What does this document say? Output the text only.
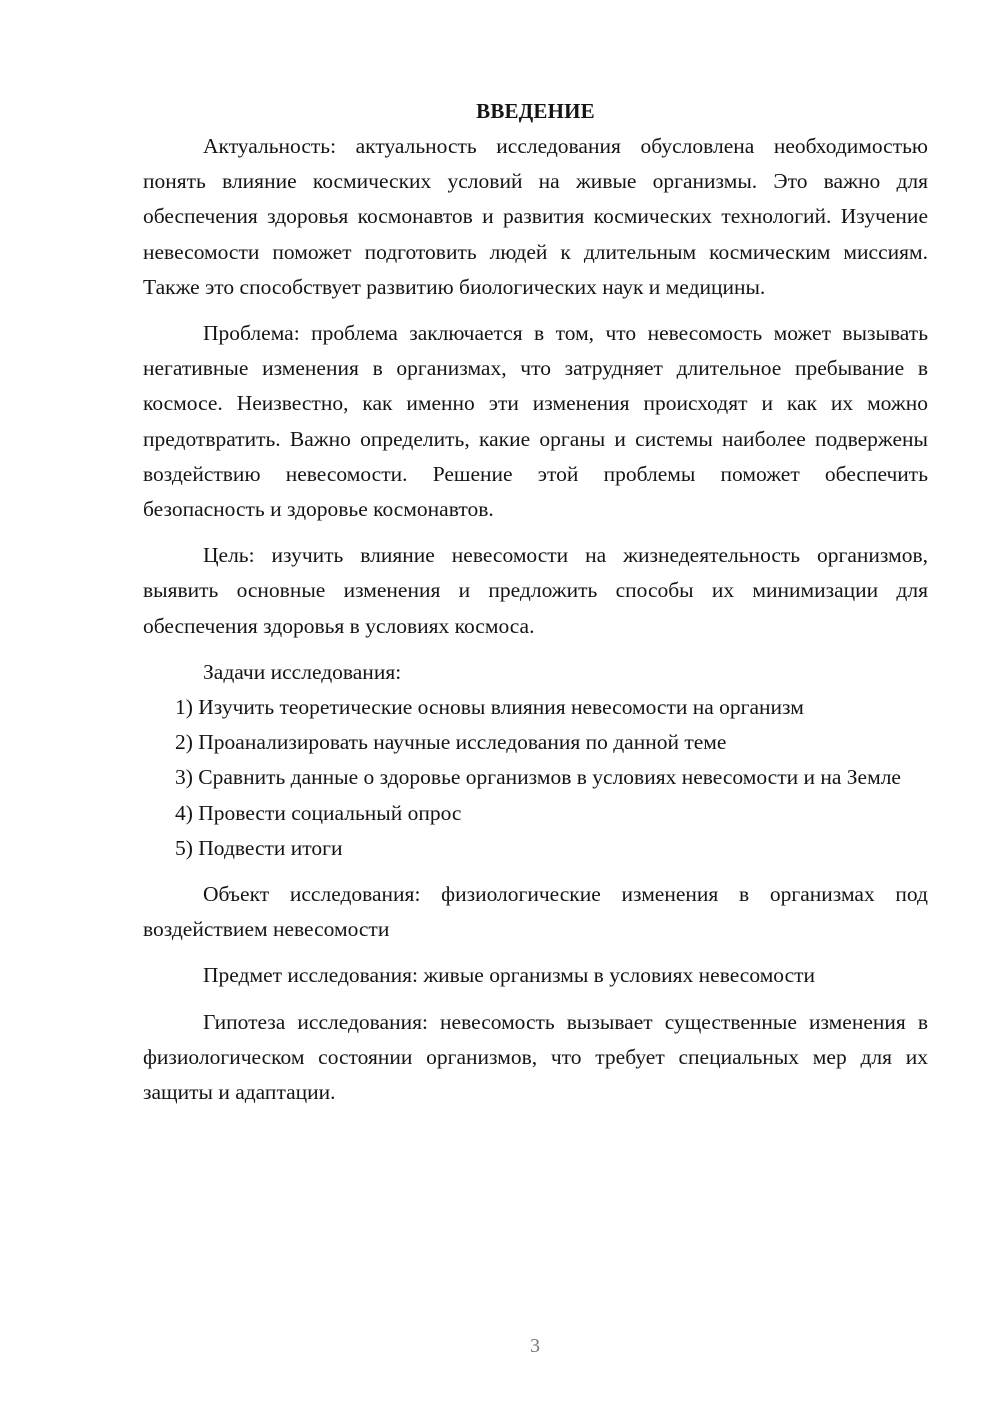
ВВЕДЕНИЕ

Актуальность: актуальность исследования обусловлена необходимостью понять влияние космических условий на живые организмы. Это важно для обеспечения здоровья космонавтов и развития космических технологий. Изучение невесомости поможет подготовить людей к длительным космическим миссиям. Также это способствует развитию биологических наук и медицины.

Проблема: проблема заключается в том, что невесомость может вызывать негативные изменения в организмах, что затрудняет длительное пребывание в космосе. Неизвестно, как именно эти изменения происходят и как их можно предотвратить. Важно определить, какие органы и системы наиболее подвержены воздействию невесомости. Решение этой проблемы поможет обеспечить безопасность и здоровье космонавтов.

Цель: изучить влияние невесомости на жизнедеятельность организмов, выявить основные изменения и предложить способы их минимизации для обеспечения здоровья в условиях космоса.

Задачи исследования:

1) Изучить теоретические основы влияния невесомости на организм

2) Проанализировать научные исследования по данной теме

3) Сравнить данные о здоровье организмов в условиях невесомости и на Земле

4) Провести социальный опрос

5) Подвести итоги

Объект исследования: физиологические изменения в организмах под воздействием невесомости

Предмет исследования: живые организмы в условиях невесомости

Гипотеза исследования: невесомость вызывает существенные изменения в физиологическом состоянии организмов, что требует специальных мер для их защиты и адаптации.

3
